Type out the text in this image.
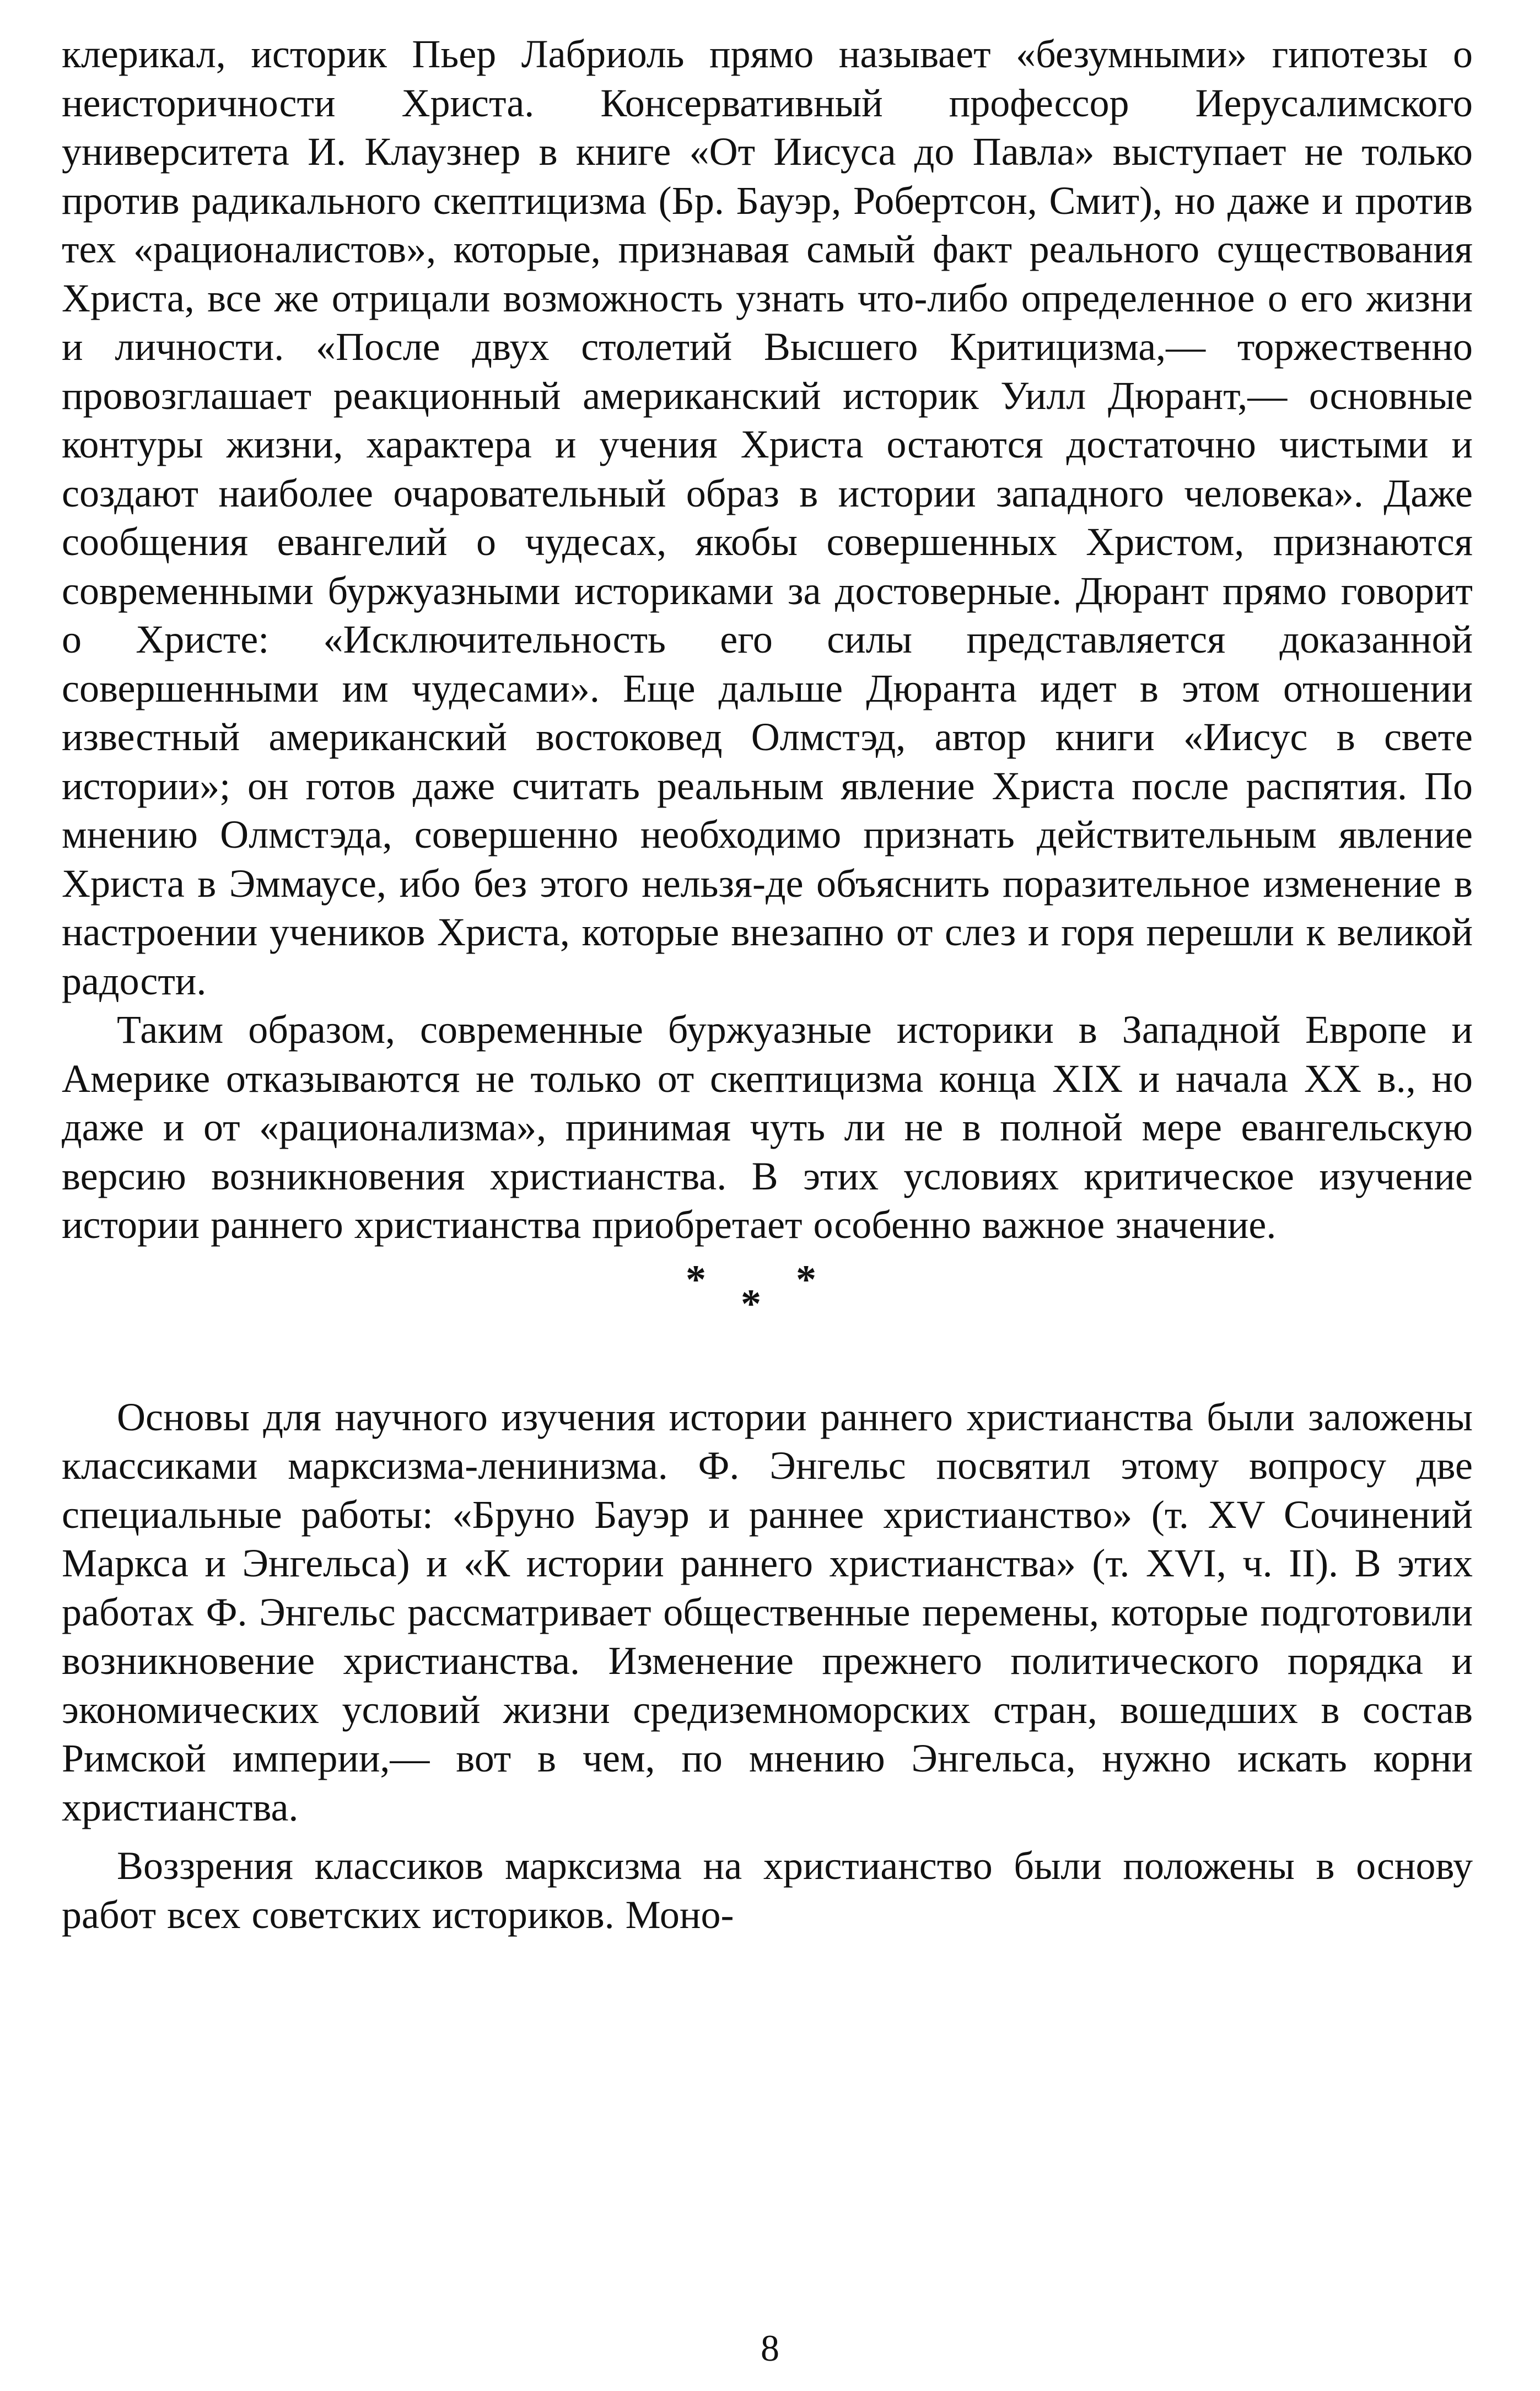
клерикал, историк Пьер Лабриоль прямо называет «безумными» гипотезы о неисторичности Христа. Консервативный профессор Иерусалимского университета И. Клаузнер в книге «От Иисуса до Павла» выступает не только против радикального скептицизма (Бр. Бауэр, Робертсон, Смит), но даже и против тех «рационалистов», которые, признавая самый факт реального существования Христа, все же отрицали возможность узнать что-либо определенное о его жизни и личности. «После двух столетий Высшего Критицизма,— торжественно провозглашает реакционный американский историк Уилл Дюрант,— основные контуры жизни, характера и учения Христа остаются достаточно чистыми и создают наиболее очаровательный образ в истории западного человека». Даже сообщения евангелий о чудесах, якобы совершенных Христом, признаются современными буржуазными историками за достоверные. Дюрант прямо говорит о Христе: «Исключительность его силы представляется доказанной совершенными им чудесами». Еще дальше Дюранта идет в этом отношении известный американский востоковед Олмстэд, автор книги «Иисус в свете истории»; он готов даже считать реальным явление Христа после распятия. По мнению Олмстэда, совершенно необходимо признать действительным явление Христа в Эммаусе, ибо без этого нельзя-де объяснить поразительное изменение в настроении учеников Христа, которые внезапно от слез и горя перешли к великой радости.

Таким образом, современные буржуазные историки в Западной Европе и Америке отказываются не только от скептицизма конца XIX и начала XX в., но даже и от «рационализма», принимая чуть ли не в полной мере евангельскую версию возникновения христианства. В этих условиях критическое изучение истории раннего христианства приобретает особенно важное значение.

*
*
*

Основы для научного изучения истории раннего христианства были заложены классиками марксизма-ленинизма. Ф. Энгельс посвятил этому вопросу две специальные работы: «Бруно Бауэр и раннее христианство» (т. XV Сочинений Маркса и Энгельса) и «К истории раннего христианства» (т. XVI, ч. II). В этих работах Ф. Энгельс рассматривает общественные перемены, которые подготовили возникновение христианства. Изменение прежнего политического порядка и экономических условий жизни средиземноморских стран, вошедших в состав Римской империи,— вот в чем, по мнению Энгельса, нужно искать корни христианства.

Воззрения классиков марксизма на христианство были положены в основу работ всех советских историков. Моно-

8
